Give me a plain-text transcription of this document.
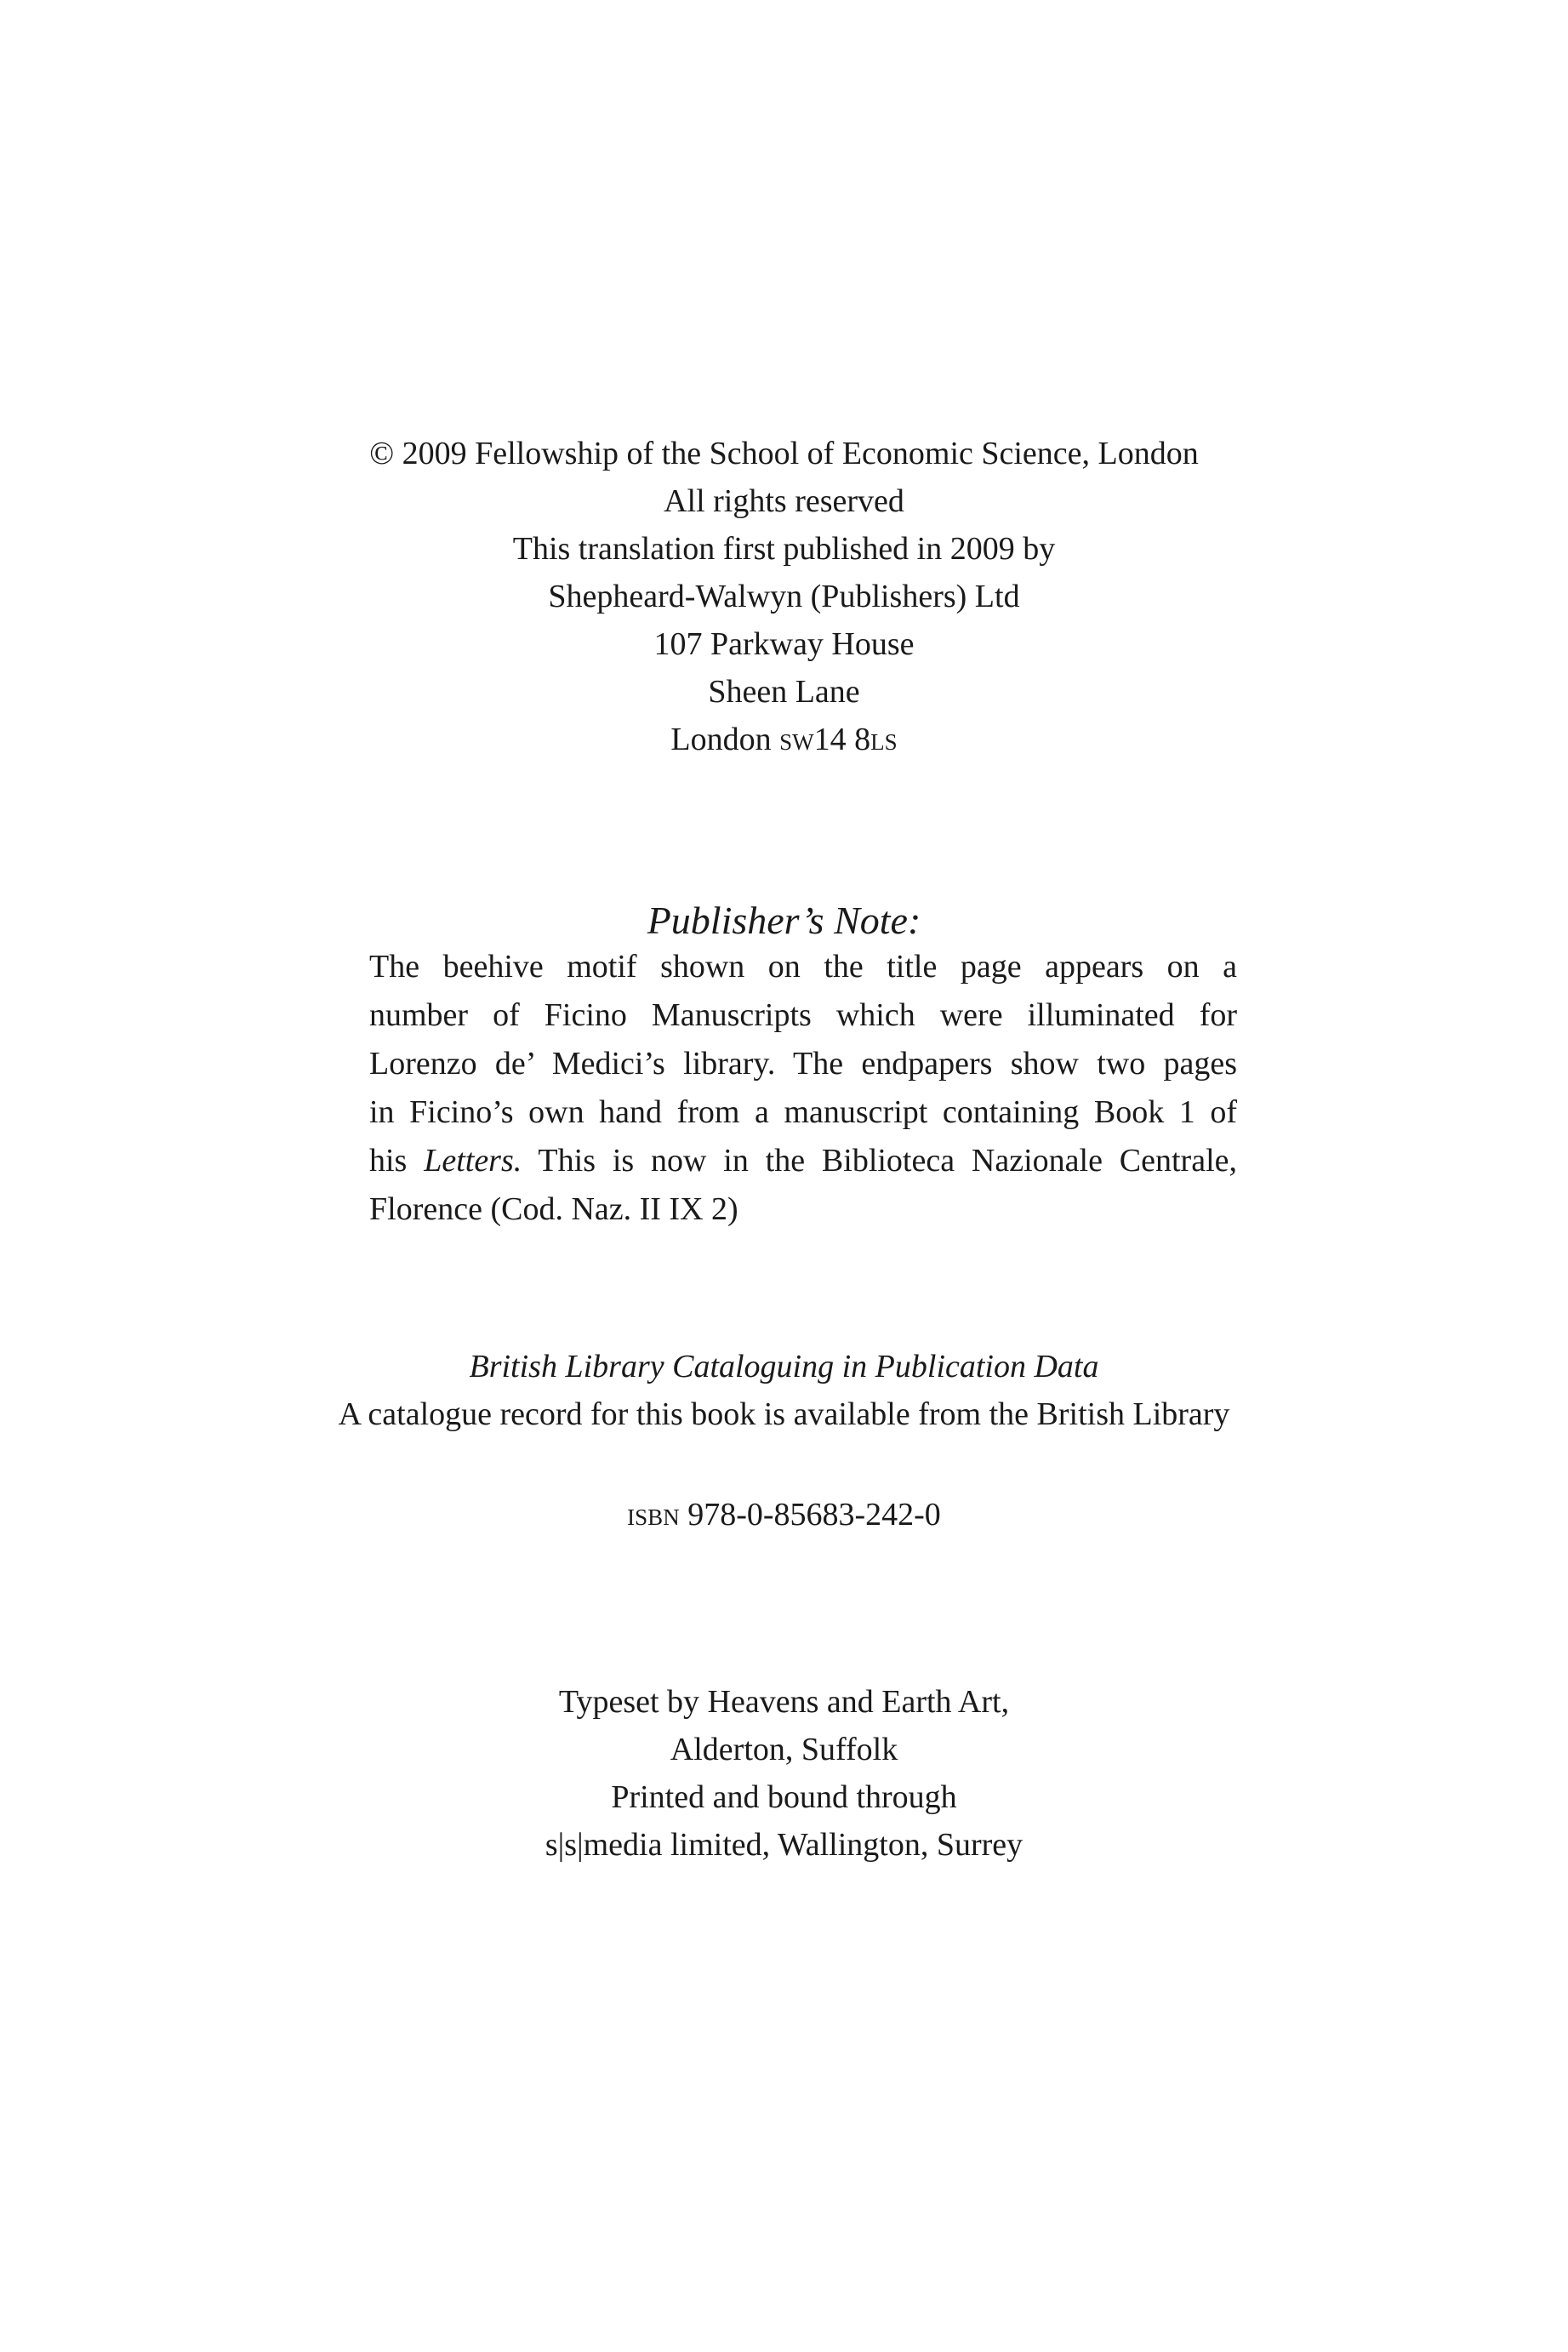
© 2009 Fellowship of the School of Economic Science, London
All rights reserved
This translation first published in 2009 by
Shepheard-Walwyn (Publishers) Ltd
107 Parkway House
Sheen Lane
London sw14 8ls
Publisher’s Note:
The beehive motif shown on the title page appears on a
number of Ficino Manuscripts which were illuminated for
Lorenzo de’ Medici’s library. The endpapers show two pages
in Ficino’s own hand from a manuscript containing Book 1 of
his Letters. This is now in the Biblioteca Nazionale Centrale,
Florence (Cod. Naz. II IX 2)
British Library Cataloguing in Publication Data
A catalogue record for this book is available from the British Library
isbn 978-0-85683-242-0
Typeset by Heavens and Earth Art,
Alderton, Suffolk
Printed and bound through
s|s|media limited, Wallington, Surrey
